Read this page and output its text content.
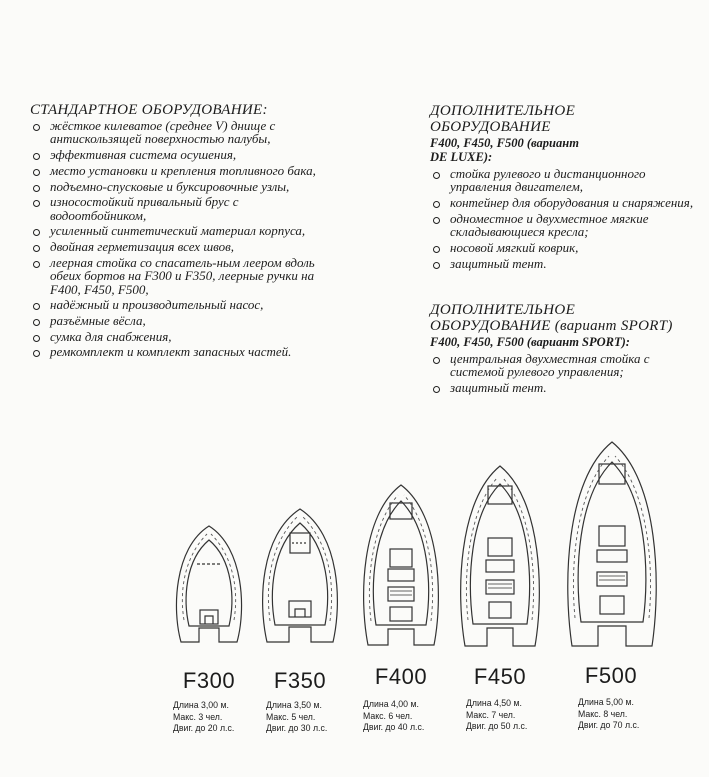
СТАНДАРТНОЕ ОБОРУДОВАНИЕ:
жёсткое килеватое (среднее V) днище с антискользящей поверхностью палубы,
эффективная система осушения,
место установки и крепления топливного бака,
подъемно-спусковые и буксировочные узлы,
износостойкий привальный брус с водоотбойником,
усиленный синтетический материал корпуса,
двойная герметизация всех швов,
леерная стойка со спасатель-ным леером вдоль обеих бортов на F300 и F350, леерные ручки на F400, F450, F500,
надёжный и производительный насос,
разъёмные вёсла,
сумка для снабжения,
ремкомплект и комплект запасных частей.
ДОПОЛНИТЕЛЬНОЕ
ОБОРУДОВАНИЕ
F400, F450, F500 (вариант
DE LUXE):
стойка рулевого и дистанционного управления двигателем,
контейнер для оборудования и снаряжения,
одноместное и двухместное мягкие складывающиеся кресла;
носовой мягкий коврик,
защитный тент.
ДОПОЛНИТЕЛЬНОЕ
ОБОРУДОВАНИЕ (вариант SPORT)
F400, F450, F500 (вариант SPORT):
центральная двухместная стойка с системой рулевого управления;
защитный тент.
F300	F350	F400	F450	F500
Длина 3,00 м.
Макс. 3 чел.
Двиг. до 20 л.с.
Длина 3,50 м.
Макс. 5 чел.
Двиг. до 30 л.с.
Длина 4,00 м.
Макс. 6 чел.
Двиг. до 40 л.с.
Длина 4,50 м.
Макс. 7 чел.
Двиг. до 50 л.с.
Длина 5,00 м.
Макс. 8 чел.
Двиг. до 70 л.с.
